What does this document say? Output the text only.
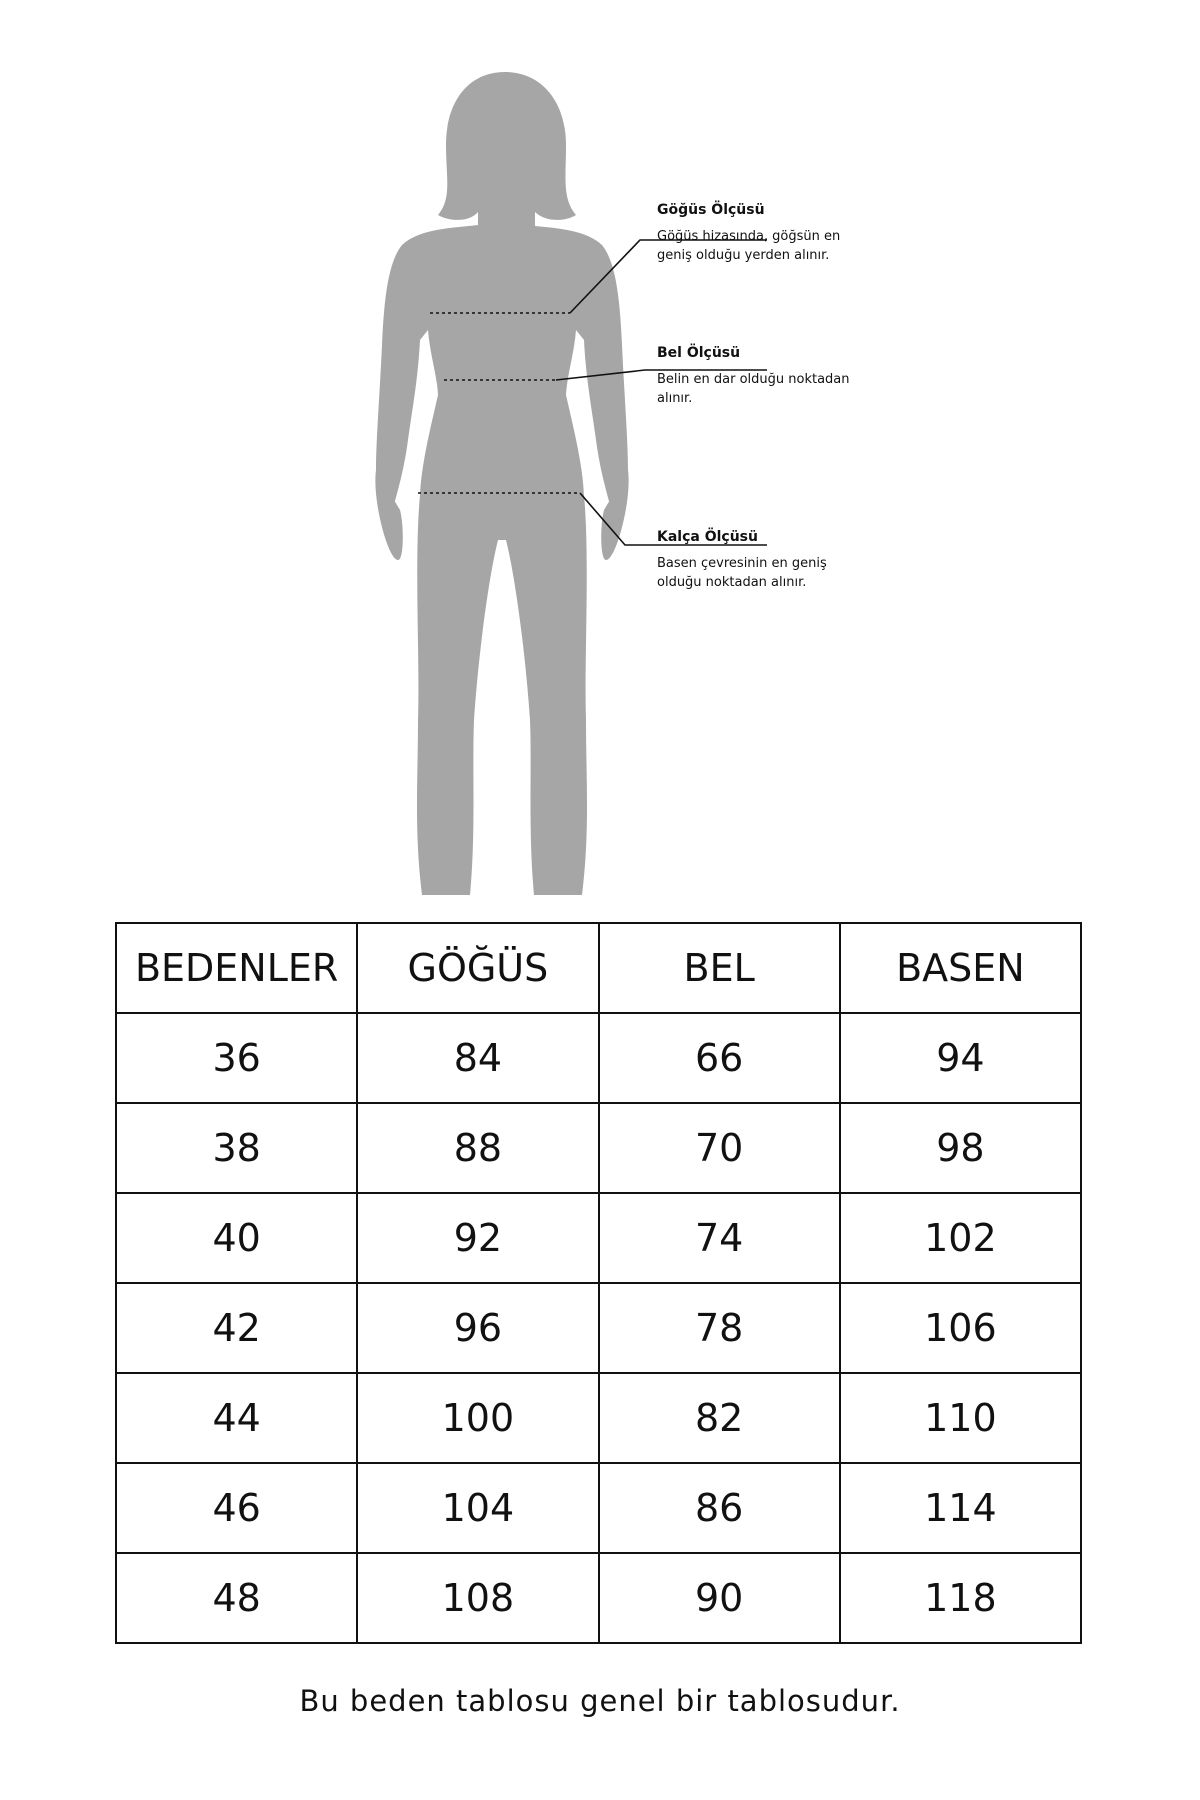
Göğüs Ölçüsü
Göğüs hizasında, göğsün en
geniş olduğu yerden alınır.
Bel Ölçüsü
Belin en dar olduğu noktadan
alınır.
Kalça Ölçüsü
Basen çevresinin en geniş
olduğu noktadan alınır.
BEDENLER	GÖĞÜS	BEL	BASEN
36	84	66	94
38	88	70	98
40	92	74	102
42	96	78	106
44	100	82	110
46	104	86	114
48	108	90	118
Bu beden tablosu genel bir tablosudur.
